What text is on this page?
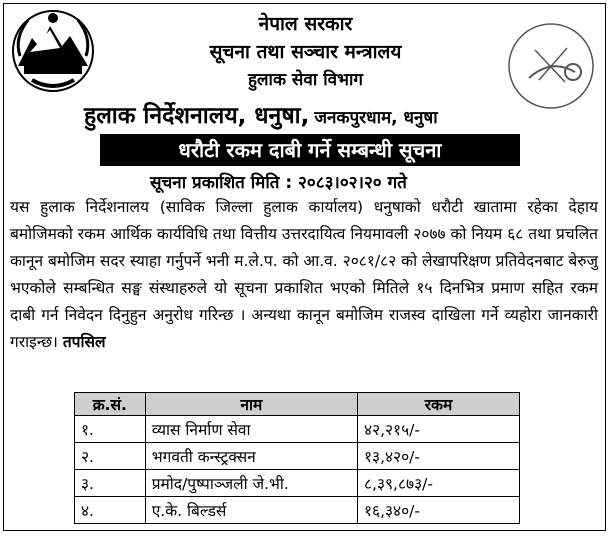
नेपाल सरकार
सूचना तथा सञ्चार मन्त्रालय
हुलाक सेवा विभाग
हुलाक निर्देशनालय, धनुषा, जनकपुरधाम, धनुषा
धरौटी रकम दाबी गर्ने सम्बन्धी सूचना
सूचना प्रकाशित मिति : २०८३।०२।२० गते
यस हुलाक निर्देशनालय (साविक जिल्ला हुलाक कार्यालय) धनुषाको धरौटी खातामा रहेका देहाय बमोजिमको रकम आर्थिक कार्यविधि तथा वित्तीय उत्तरदायित्व नियमावली २०७७ को नियम ६८ तथा प्रचलित कानून बमोजिम सदर स्याहा गर्नुपर्ने भनी म.ले.प. को आ.व. २०८१/८२ को लेखापरिक्षण प्रतिवेदनबाट बेरुजु भएकोले सम्बन्धित सङ्घ संस्थाहरुले यो सूचना प्रकाशित भएको मितिले १५ दिनभित्र प्रमाण सहित रकम दाबी गर्न निवेदन दिनुहुन अनुरोध गरिन्छ । अन्यथा कानून बमोजिम राजस्व दाखिला गर्ने व्यहोरा जानकारी गराइन्छ। तपसिल
क्र.सं.	नाम	रकम
१.	व्यास निर्माण सेवा	४२,२१५/-
२.	भगवती कन्स्ट्रक्सन	१३,४२०/-
३.	प्रमोद/पुष्पाञ्जली जे.भी.	८,३९,८७३/-
४.	ए.के. बिल्डर्स	१६,३४०/-
